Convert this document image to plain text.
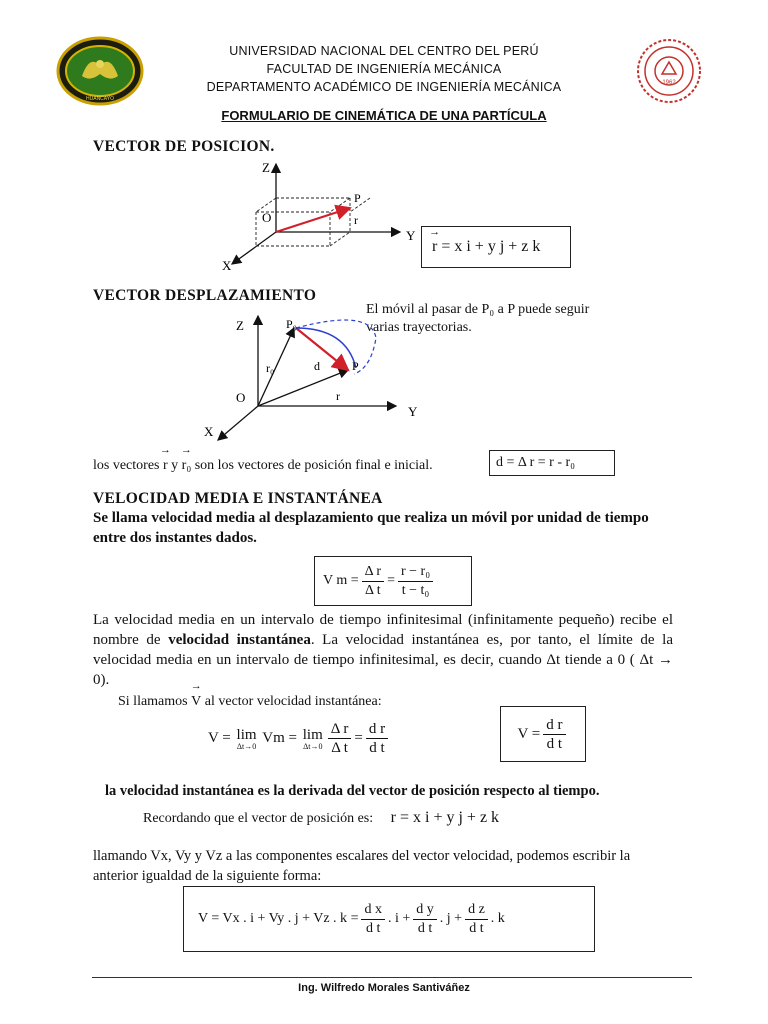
HUANCAYO
1962
UNIVERSIDAD NACIONAL DEL CENTRO DEL PERÚ
FACULTAD DE INGENIERÍA MECÁNICA
DEPARTAMENTO ACADÉMICO DE INGENIERÍA MECÁNICA
FORMULARIO DE CINEMÁTICA DE UNA PARTÍCULA
VECTOR DE POSICION.
Z
Y
X
O
P
r
→ r
= x i + y j + z k
VECTOR DESPLAZAMIENTO
El móvil al pasar de P₀ a P puede seguir varias trayectorias.
Z
Y
X
O
P₀
P
r₀	d
r
los vectores → r y → r₀ son los vectores de posición final e inicial.	d = Δ r = r - r₀
VELOCIDAD MEDIA E INSTANTÁNEA
Se llama velocidad media al desplazamiento que realiza un móvil por unidad de tiempo entre dos instantes dados.
V $m = \frac{\text{Δ r}}{\text{Δ t}} = \frac{\text{r − r₀}}{\text{t − t₀}}$
La velocidad media en un intervalo de tiempo infinitesimal (infinitamente pequeño) recibe el nombre de velocidad instantánea. La velocidad instantánea es, por tanto, el límite de la velocidad media en un intervalo de tiempo infinitesimal, es decir, cuando Δt tiende a 0 ( Δt → 0).
Si llamamos → V al vector velocidad instantánea:
V = lim
Δt→0 Vm = lim
$\Delta t\to 0 \frac{\text{Δ r}}{\text{Δ t}} = \frac{\text{d r}}{\text{d t}}$	$V = \frac{\text{d r}}{\text{d t}}$
la velocidad instantánea es la derivada del vector de posición respecto al tiempo.
Recordando que el vector de posición es: r = x i + y j + z k
llamando Vx, Vy y Vz a las componentes escalares del vector velocidad, podemos escribir la anterior igualdad de la siguiente forma:
V = Vx . i + Vy . j + Vz . $k = \frac{\text{d x}}{\text{d t}}$ . $i + \frac{\text{d y}}{\text{d t}}$ . $j + \frac{\text{d z}}{\text{d t}}$ . k
Ing. Wilfredo Morales Santiváñez
